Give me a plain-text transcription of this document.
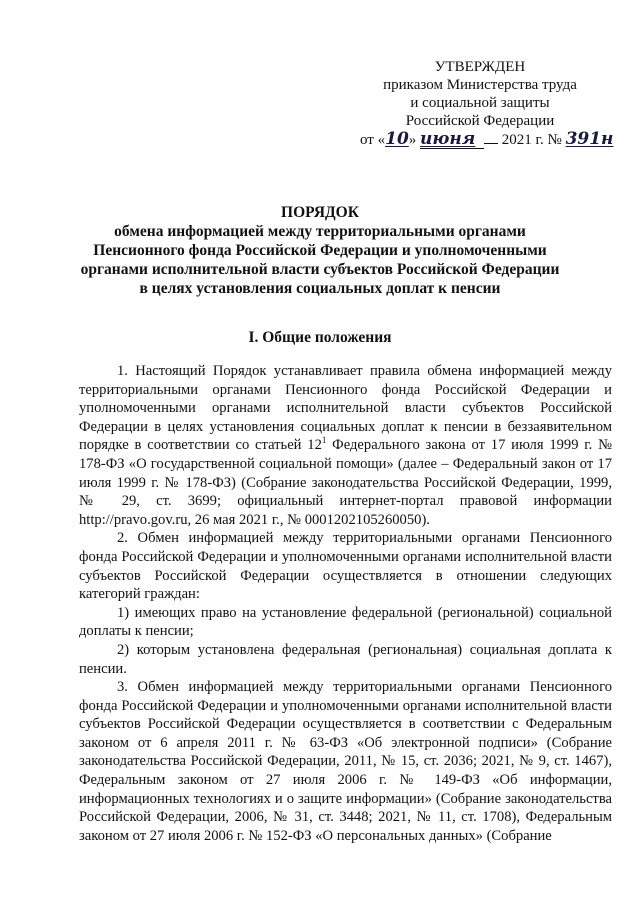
УТВЕРЖДЕН
приказом Министерства труда
и социальной защиты
Российской Федерации
от «10» июня 2021 г. № 391н
ПОРЯДОК
обмена информацией между территориальными органами
Пенсионного фонда Российской Федерации и уполномоченными
органами исполнительной власти субъектов Российской Федерации
в целях установления социальных доплат к пенсии
I. Общие положения

1. Настоящий Порядок устанавливает правила обмена информацией между территориальными органами Пенсионного фонда Российской Федерации и уполномоченными органами исполнительной власти субъектов Российской Федерации в целях установления социальных доплат к пенсии в беззаявительном порядке в соответствии со статьей $12^1$ Федерального закона от 17 июля 1999 г. № 178-ФЗ «О государственной социальной помощи» (далее – Федеральный закон от 17 июля 1999 г. № 178-ФЗ) (Собрание законодательства Российской Федерации, 1999, № 29, ст. 3699; официальный интернет-портал правовой информации http://pravo.gov.ru, 26 мая 2021 г., № 0001202105260050).

2. Обмен информацией между территориальными органами Пенсионного фонда Российской Федерации и уполномоченными органами исполнительной власти субъектов Российской Федерации осуществляется в отношении следующих категорий граждан:

1) имеющих право на установление федеральной (региональной) социальной доплаты к пенсии;

2) которым установлена федеральная (региональная) социальная доплата к пенсии.

3. Обмен информацией между территориальными органами Пенсионного фонда Российской Федерации и уполномоченными органами исполнительной власти субъектов Российской Федерации осуществляется в соответствии с Федеральным законом от 6 апреля 2011 г. № 63-ФЗ «Об электронной подписи» (Собрание законодательства Российской Федерации, 2011, № 15, ст. 2036; 2021, № 9, ст. 1467), Федеральным законом от 27 июля 2006 г. № 149-ФЗ «Об информации, информационных технологиях и о защите информации» (Собрание законодательства Российской Федерации, 2006, № 31, ст. 3448; 2021, № 11, ст. 1708), Федеральным законом от 27 июля 2006 г. № 152-ФЗ «О персональных данных» (Собрание
